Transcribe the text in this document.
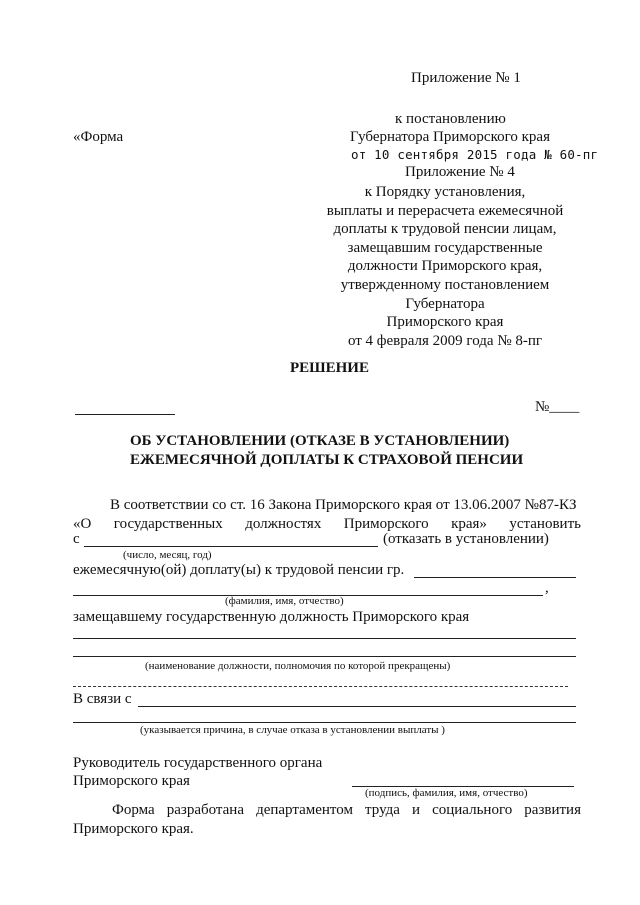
Приложение № 1
«Форма
к постановлению
Губернатора Приморского края
от 10 сентября 2015 года № 60-пг
Приложение № 4
к Порядку установления,
выплаты и перерасчета ежемесячной
доплаты к трудовой пенсии лицам,
замещавшим государственные
должности Приморского края,
утвержденному постановлением
Губернатора
Приморского края
от 4 февраля 2009 года № 8-пг
РЕШЕНИЕ
№____
ОБ УСТАНОВЛЕНИИ (ОТКАЗЕ В УСТАНОВЛЕНИИ)
ЕЖЕМЕСЯЧНОЙ ДОПЛАТЫ К СТРАХОВОЙ ПЕНСИИ
В соответствии со ст. 16 Закона Приморского края от 13.06.2007 №87-КЗ
«О государственных должностях Приморского края» установить
с	(отказать в установлении)
(число, месяц, год)
ежемесячную(ой) доплату(ы) к трудовой пенсии гр.
,
(фамилия, имя, отчество)
замещавшему государственную должность Приморского края
(наименование должности, полномочия по которой прекращены)
В связи с
(указывается причина, в случае отказа в установлении выплаты )
Руководитель государственного органа
Приморского края
(подпись, фамилия, имя, отчество)
Форма разработана департаментом труда и социального развития
Приморского края.
